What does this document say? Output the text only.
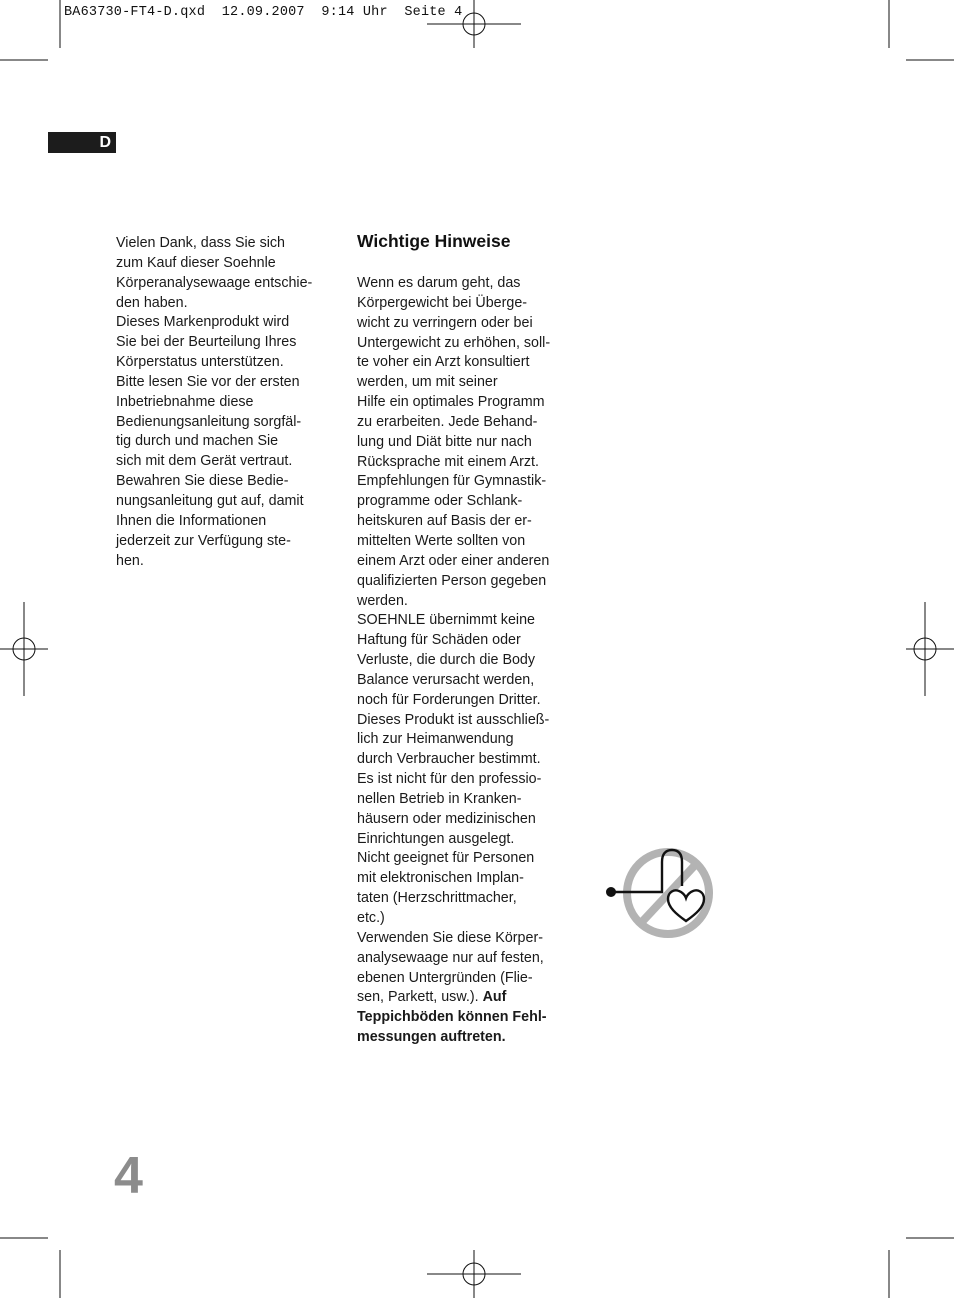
BA63730-FT4-D.qxd  12.09.2007  9:14 Uhr  Seite 4
D

Vielen Dank, dass Sie sich

zum Kauf dieser Soehnle

Körperanalysewaage entschie-

den haben.

Dieses Markenprodukt wird

Sie bei der Beurteilung Ihres

Körperstatus unterstützen.

Bitte lesen Sie vor der ersten

Inbetriebnahme diese

Bedienungsanleitung sorgfäl-

tig durch und machen Sie

sich mit dem Gerät vertraut.

Bewahren Sie diese Bedie-

nungsanleitung gut auf, damit

Ihnen die Informationen

jederzeit zur Verfügung ste-

hen.

Wichtige Hinweise

Wenn es darum geht, das

Körpergewicht bei Überge-

wicht zu verringern oder bei

Untergewicht zu erhöhen, soll-

te voher ein Arzt konsultiert

werden, um mit seiner

Hilfe ein optimales Programm

zu erarbeiten. Jede Behand-

lung und Diät bitte nur nach

Rücksprache mit einem Arzt.

Empfehlungen für Gymnastik-

programme oder Schlank-

heitskuren auf Basis der er-

mittelten Werte sollten von

einem Arzt oder einer anderen

qualifizierten Person gegeben

werden.

SOEHNLE übernimmt keine

Haftung für Schäden oder

Verluste, die durch die Body

Balance verursacht werden,

noch für Forderungen Dritter.

Dieses Produkt ist ausschließ-

lich zur Heimanwendung

durch Verbraucher bestimmt.

Es ist nicht für den professio-

nellen Betrieb in Kranken-

häusern oder medizinischen

Einrichtungen ausgelegt.

Nicht geeignet für Personen

mit elektronischen Implan-

taten (Herzschrittmacher,

etc.)

Verwenden Sie diese Körper-

analysewaage nur auf festen,

ebenen Untergründen (Flie-

sen, Parkett, usw.). Auf

Teppichböden können Fehl-

messungen auftreten.

4
